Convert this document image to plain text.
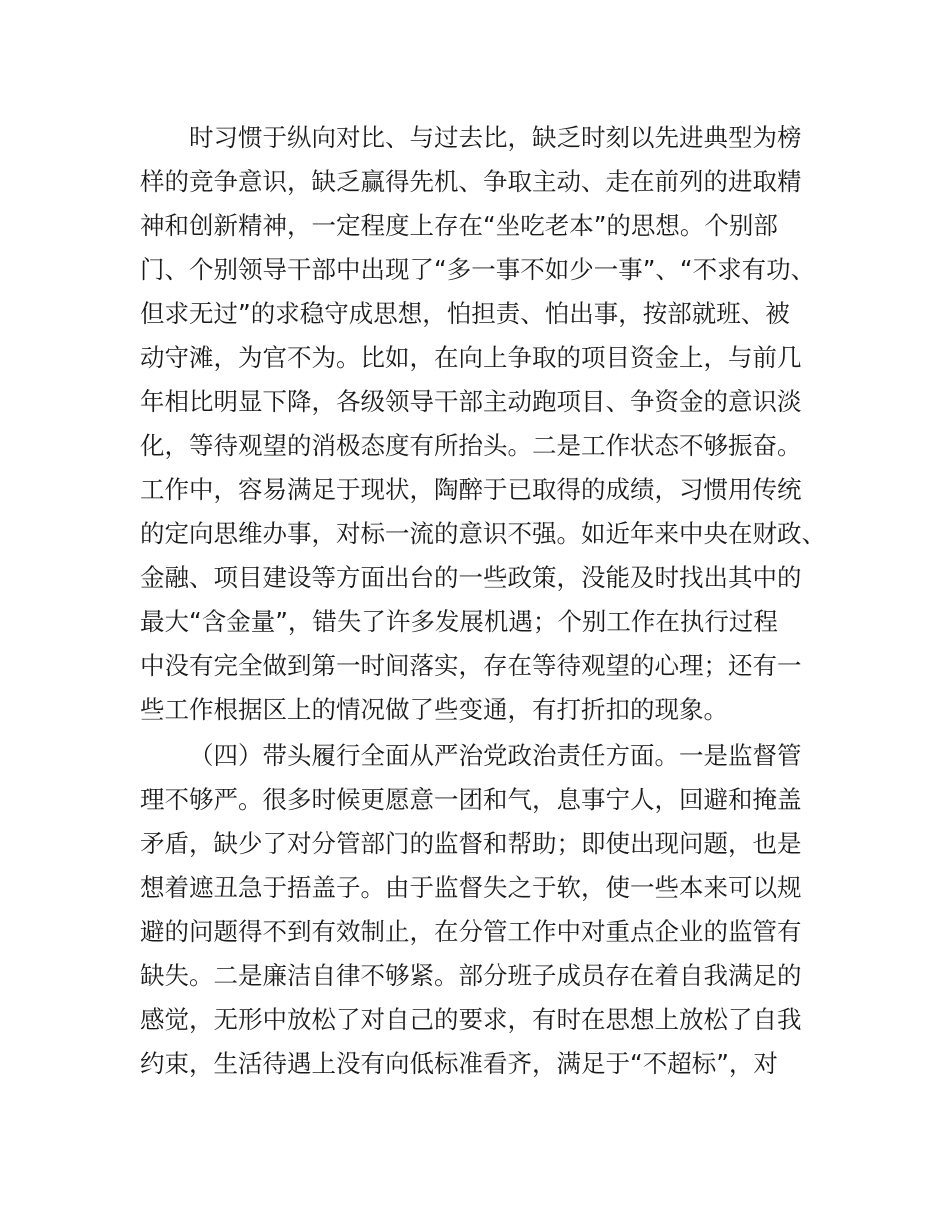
时习惯于纵向对比、与过去比，缺乏时刻以先进典型为榜
样的竞争意识，缺乏赢得先机、争取主动、走在前列的进取精
神和创新精神，一定程度上存在“坐吃老本”的思想。个别部
门、个别领导干部中出现了“多一事不如少一事”、“不求有功、
但求无过”的求稳守成思想，怕担责、怕出事，按部就班、被
动守滩，为官不为。比如，在向上争取的项目资金上，与前几
年相比明显下降，各级领导干部主动跑项目、争资金的意识淡
化，等待观望的消极态度有所抬头。二是工作状态不够振奋。
工作中，容易满足于现状，陶醉于已取得的成绩，习惯用传统
的定向思维办事，对标一流的意识不强。如近年来中央在财政、
金融、项目建设等方面出台的一些政策，没能及时找出其中的
最大“含金量”，错失了许多发展机遇；个别工作在执行过程
中没有完全做到第一时间落实，存在等待观望的心理；还有一
些工作根据区上的情况做了些变通，有打折扣的现象。
（四）带头履行全面从严治党政治责任方面。一是监督管
理不够严。很多时候更愿意一团和气，息事宁人，回避和掩盖
矛盾，缺少了对分管部门的监督和帮助；即使出现问题，也是
想着遮丑急于捂盖子。由于监督失之于软，使一些本来可以规
避的问题得不到有效制止，在分管工作中对重点企业的监管有
缺失。二是廉洁自律不够紧。部分班子成员存在着自我满足的
感觉，无形中放松了对自己的要求，有时在思想上放松了自我
约束，生活待遇上没有向低标准看齐，满足于“不超标”，对
